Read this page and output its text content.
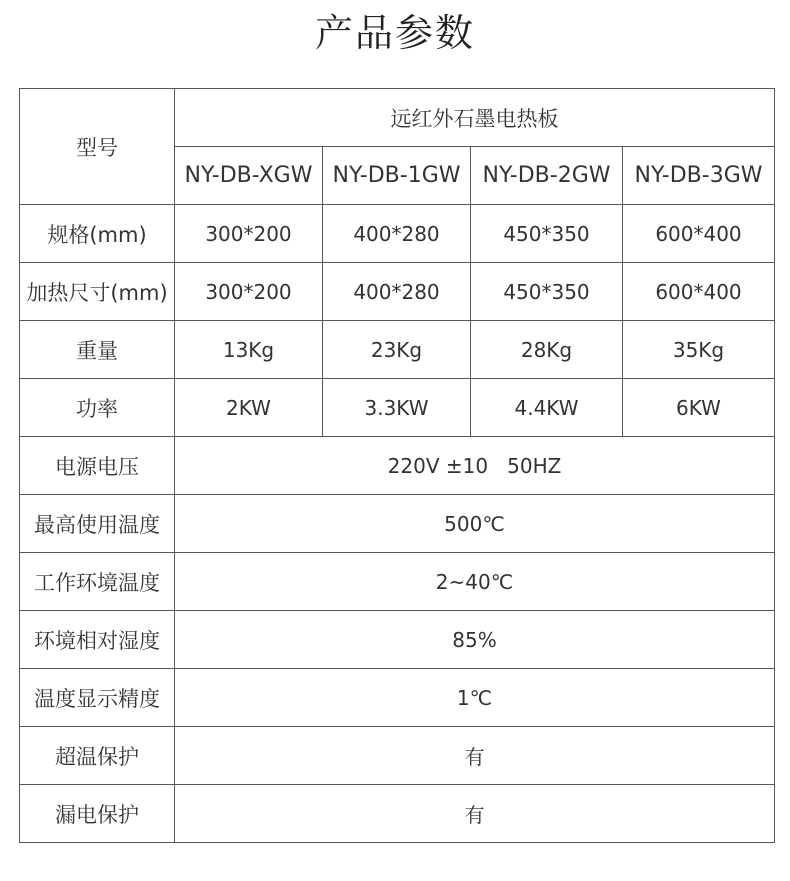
产品参数
型号	远红外石墨电热板			
	NY-DB-XGW	NY-DB-1GW	NY-DB-2GW	NY-DB-3GW
规格(mm)	300*200	400*280	450*350	600*400
加热尺寸(mm)	300*200	400*280	450*350	600*400
重量	13Kg	23Kg	28Kg	35Kg
功率	2KW	3.3KW	4.4KW	6KW
电源电压	220V ±10   50HZ			
最高使用温度	500℃			
工作环境温度	2~40℃			
环境相对湿度	85%			
温度显示精度	1℃			
超温保护	有			
漏电保护	有			
